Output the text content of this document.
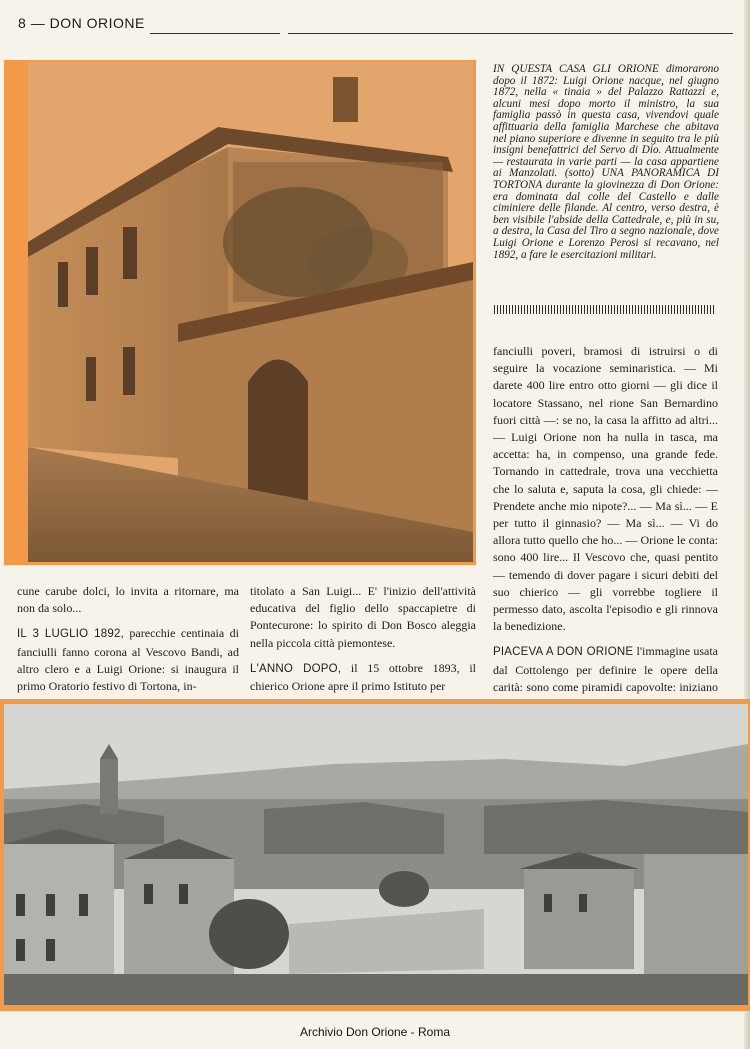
8 — DON ORIONE
IN QUESTA CASA GLI ORIONE dimorarono dopo il 1872: Luigi Orione nacque, nel giugno 1872, nella « tinaia » del Palazzo Rattazzi e, alcuni mesi dopo morto il ministro, la sua famiglia passò in questa casa, vivendovi quale affittuaria della famiglia Marchese che abitava nel piano superiore e divenne in seguito tra le più insigni benefattrici del Servo di Dio. Attualmente — restaurata in varie parti — la casa appartiene ai Manzolati. (sotto) UNA PANORAMICA DI TORTONA durante la giovinezza di Don Orione: era dominata dal colle del Castello e dalle ciminiere delle filande. Al centro, verso destra, è ben visibile l'abside della Cattedrale, e, più in su, a destra, la Casa del Tiro a segno nazionale, dove Luigi Orione e Lorenzo Perosi si recavano, nel 1892, a fare le esercitazioni militari.

cune carube dolci, lo invita a ritornare, ma non da solo...

IL 3 LUGLIO 1892, parecchie centinaia di fanciulli fanno corona al Vescovo Bandi, ad altro clero e a Luigi Orione: si inaugura il primo Oratorio festivo di Tortona, in-

titolato a San Luigi... E' l'inizio dell'attività educativa del figlio dello spaccapietre di Pontecurone: lo spirito di Don Bosco aleggia nella piccola città piemontese.

L'ANNO DOPO, il 15 ottobre 1893, il chierico Orione apre il primo Istituto per

fanciulli poveri, bramosi di istruirsi o di seguire la vocazione seminaristica. — Mi darete 400 lire entro otto giorni — gli dice il locatore Stassano, nel rione San Bernardino fuori città —: se no, la casa la affitto ad altri... — Luigi Orione non ha nulla in tasca, ma accetta: ha, in compenso, una grande fede. Tornando in cattedrale, trova una vecchietta che lo saluta e, saputa la cosa, gli chiede: — Prendete anche mio nipote?... — Ma sì... — E per tutto il ginnasio? — Ma sì... — Vi do allora tutto quello che ho... — Orione le conta: sono 400 lire... Il Vescovo che, quasi pentito — temendo di dover pagare i sicuri debiti del suo chierico — gli vorrebbe togliere il permesso dato, ascolta l'episodio e gli rinnova la benedizione.

PIACEVA A DON ORIONE l'immagine usata dal Cottolengo per definire le opere della carità: sono come piramidi capovolte: iniziano

Archivio Don Orione - Roma
